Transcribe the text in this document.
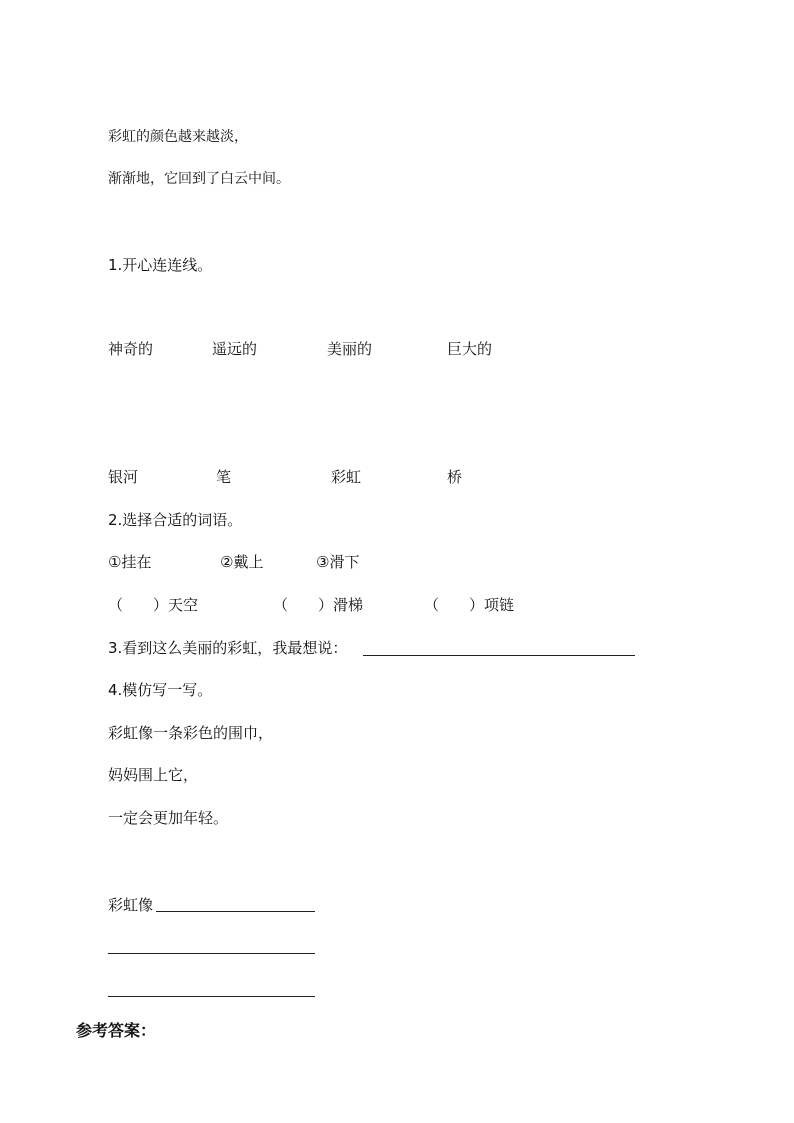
彩虹的颜色越来越淡，
渐渐地，它回到了白云中间。
1.开心连连线。
神奇的	遥远的	美丽的	巨大的
银河	笔	彩虹	桥
2.选择合适的词语。
①挂在	②戴上	③滑下
（　　）天空	（　　）滑梯	（　　）项链
3.看到这么美丽的彩虹，我最想说：
4.模仿写一写。
彩虹像一条彩色的围巾，
妈妈围上它，
一定会更加年轻。
彩虹像
参考答案：
